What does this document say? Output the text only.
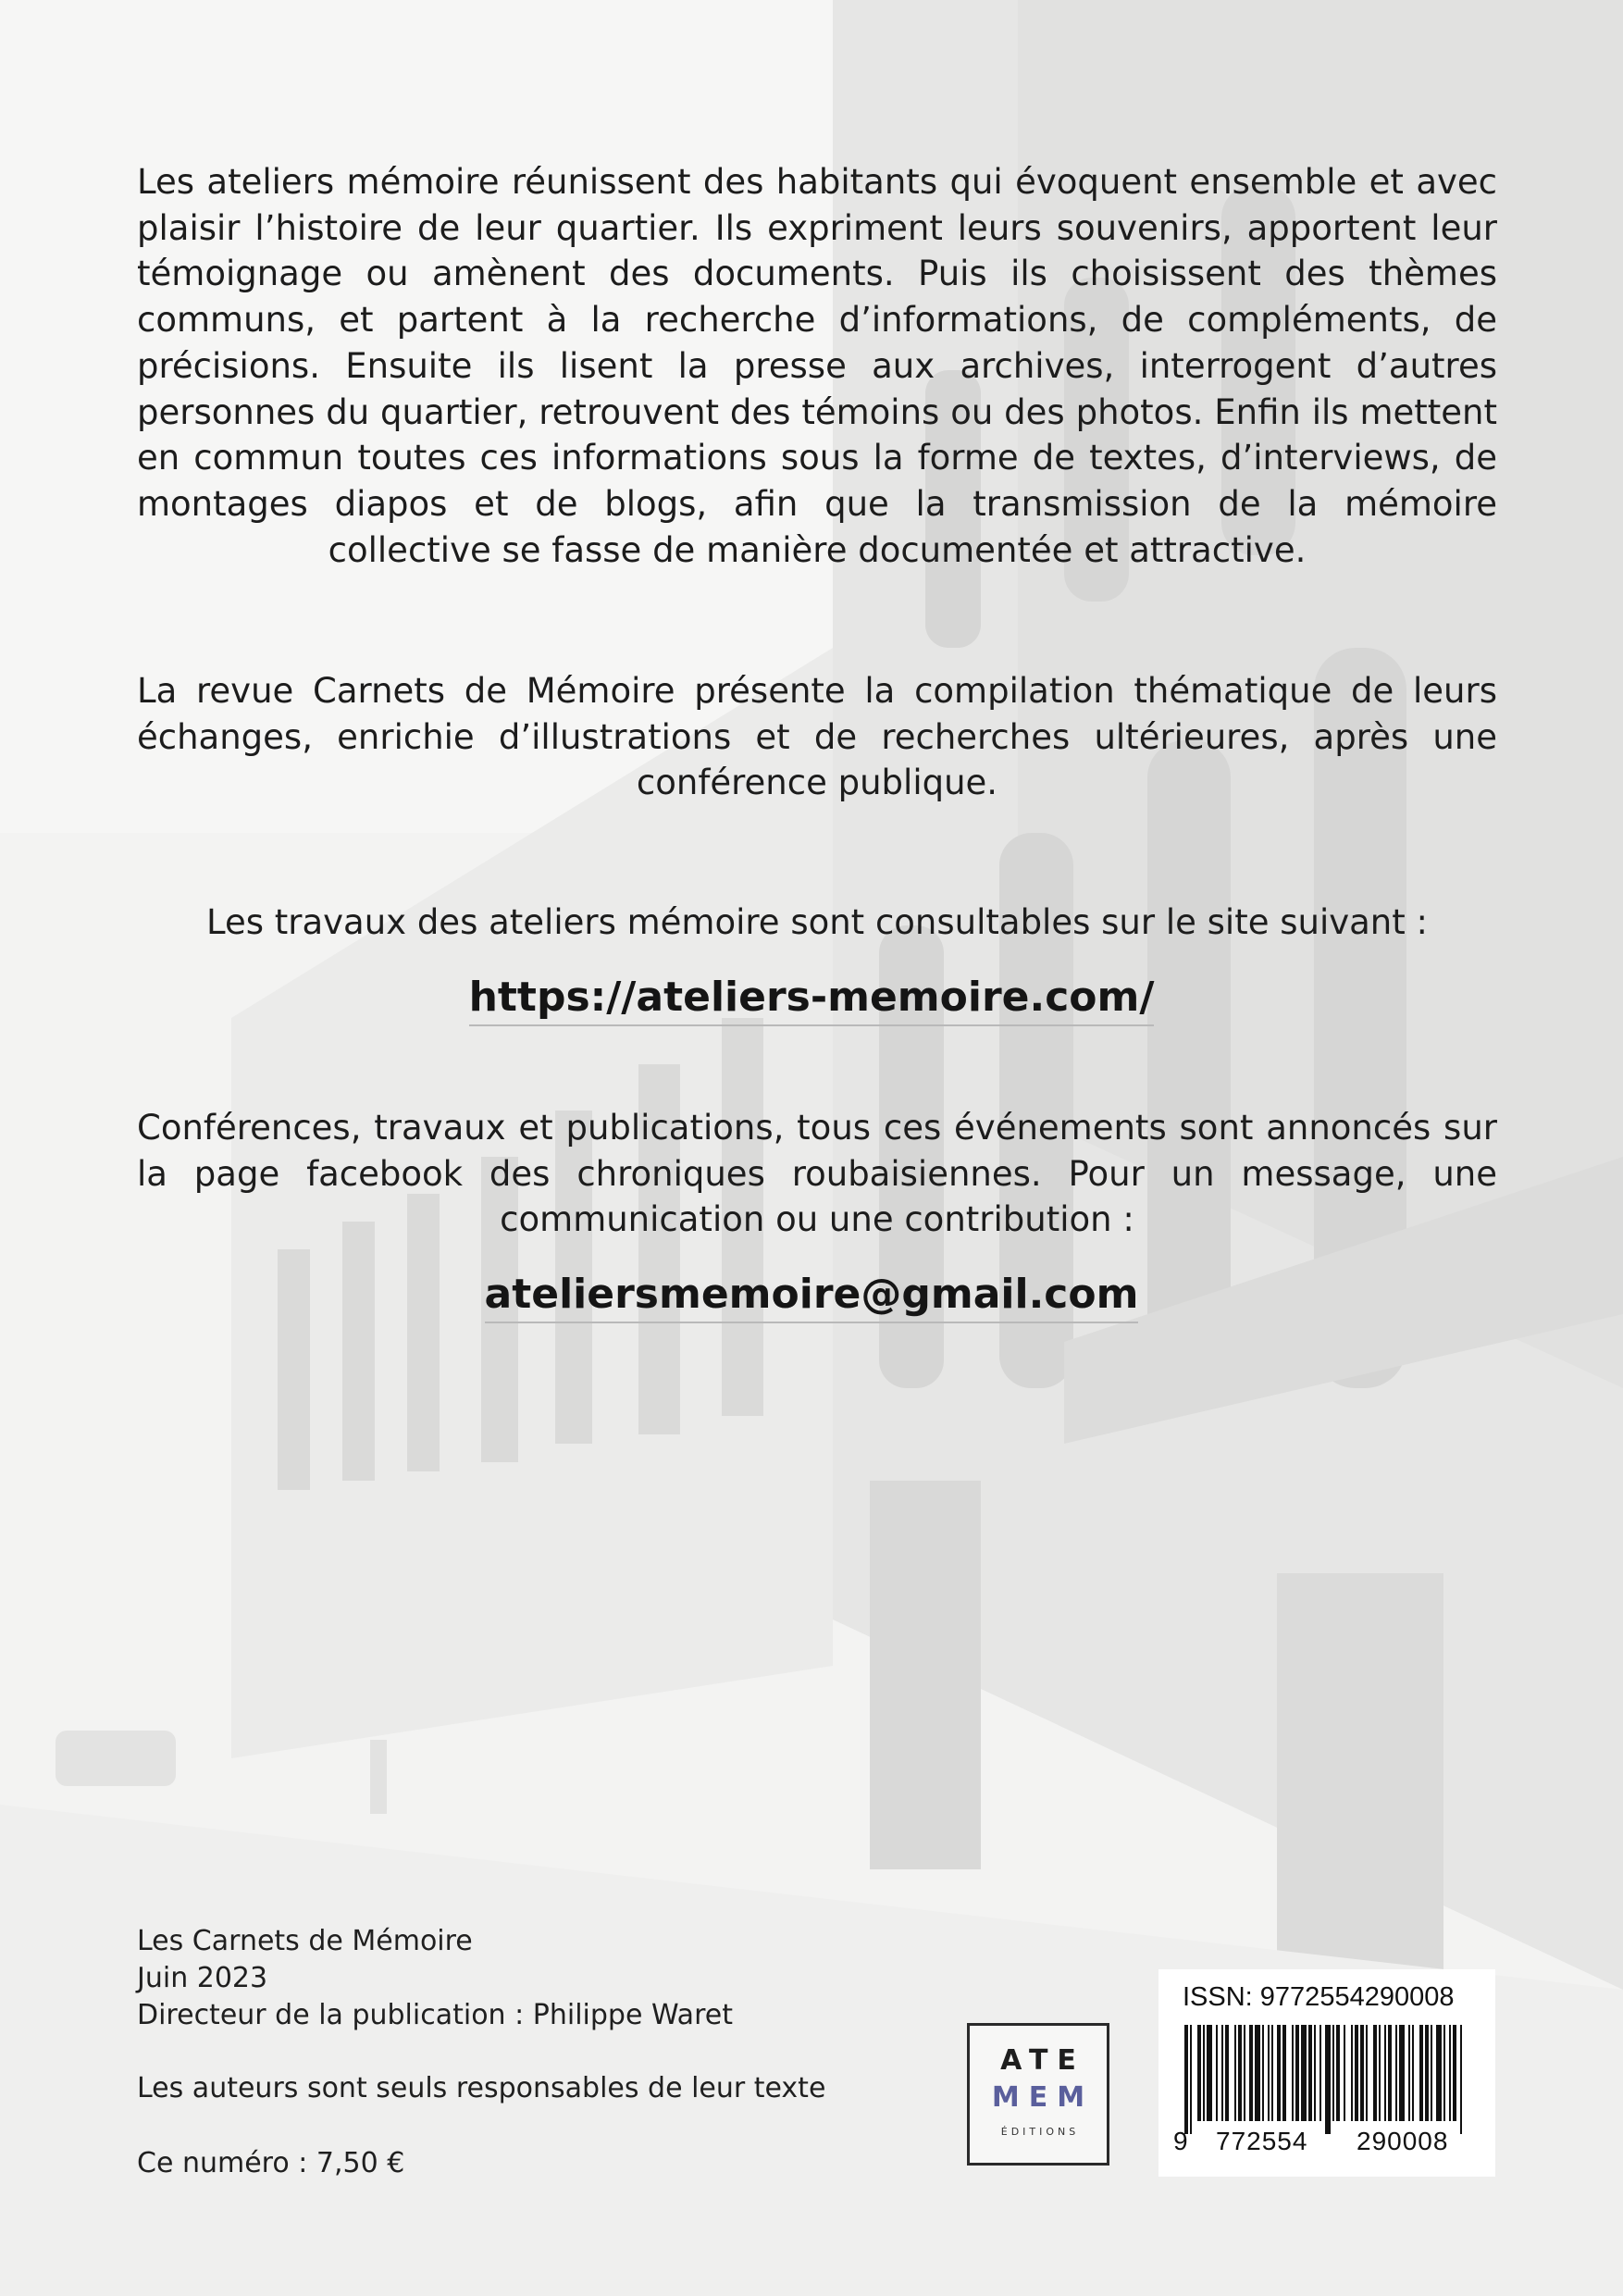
Les ateliers mémoire réunissent des habitants qui évoquent ensemble et avec plaisir l’histoire de leur quartier. Ils expriment leurs souvenirs, apportent leur témoignage ou amènent des documents. Puis ils choisissent des thèmes communs, et partent à la recherche d’informations, de compléments, de précisions. Ensuite ils lisent la presse aux archives, interrogent d’autres personnes du quartier, retrouvent des témoins ou des photos. Enfin ils mettent en commun toutes ces informations sous la forme de textes, d’interviews, de montages diapos et de blogs, afin que la transmission de la mémoire collective se fasse de manière documentée et attractive.

La revue Carnets de Mémoire présente la compilation thématique de leurs échanges, enrichie d’illustrations et de recherches ultérieures, après une conférence publique.

Les travaux des ateliers mémoire sont consultables sur le site suivant :

https://ateliers-memoire.com/

Conférences, travaux et publications, tous ces événements sont annoncés sur la page facebook des chroniques roubaisiennes. Pour un message, une communication ou une contribution :

ateliersmemoire@gmail.com
Les Carnets de Mémoire
Juin 2023
Directeur de la publication : Philippe Waret

Les auteurs sont seuls responsables de leur texte

Ce numéro : 7,50 €

ATE
MEM
ÉDITIONS

ISSN: 9772554290008

9 772554 290008
